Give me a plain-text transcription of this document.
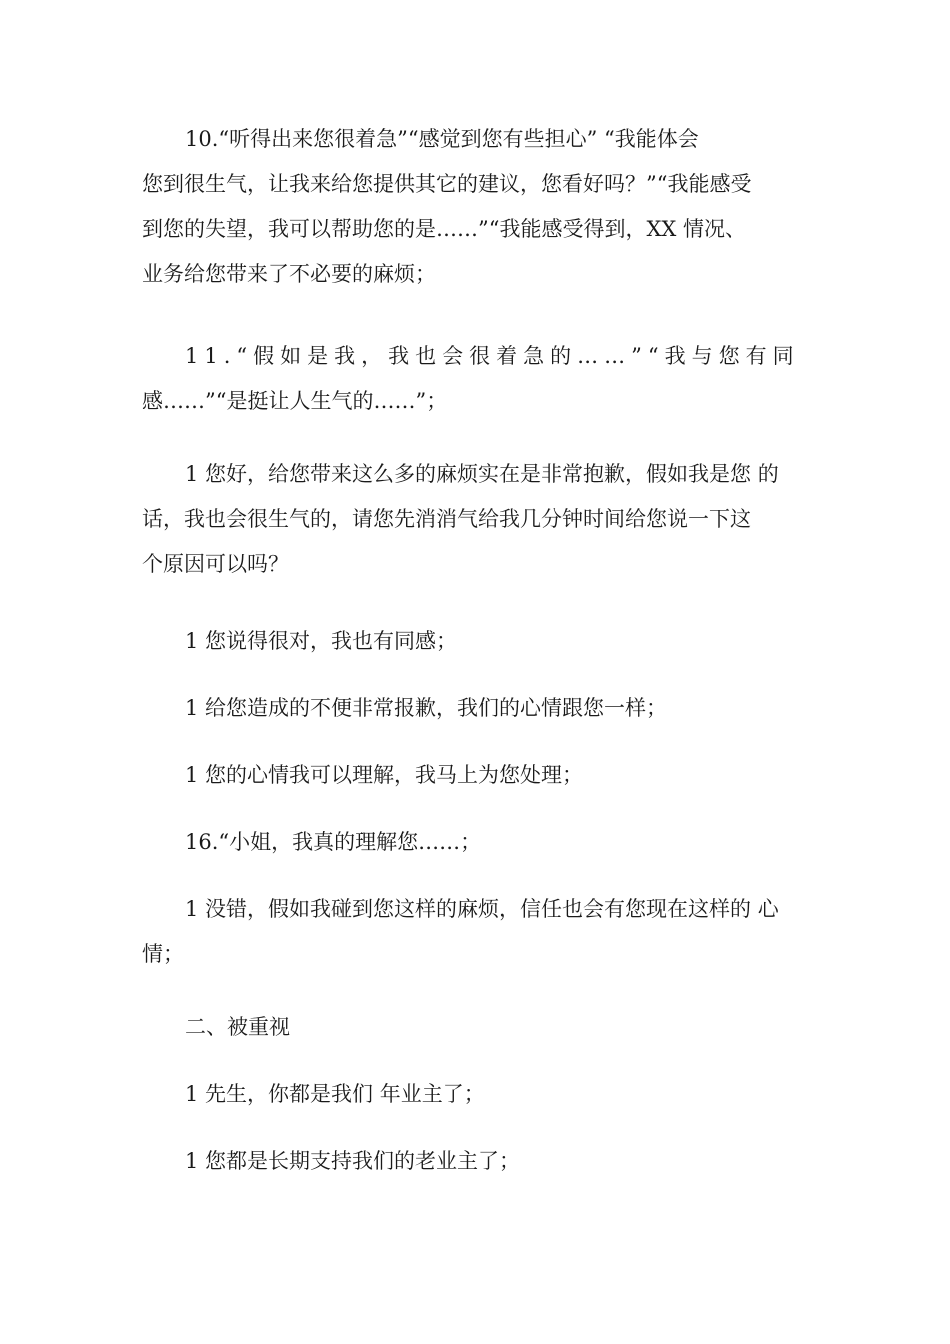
10.“听得出来您很着急”“感觉到您有些担心” “我能体会
您到很生气，让我来给您提供其它的建议，您看好吗？”“我能感受
到您的失望，我可以帮助您的是……”“我能感受得到，XX 情况、
业务给您带来了不必要的麻烦；
11.“假如是我，我也会很着急的……”“我与您有同
感……”“是挺让人生气的……”；
1 您好，给您带来这么多的麻烦实在是非常抱歉，假如我是您 的
话，我也会很生气的，请您先消消气给我几分钟时间给您说一下这
个原因可以吗？
1 您说得很对，我也有同感；
1 给您造成的不便非常报歉，我们的心情跟您一样；
1 您的心情我可以理解，我马上为您处理；
16.“小姐，我真的理解您……；
1 没错，假如我碰到您这样的麻烦，信任也会有您现在这样的 心
情；
二、被重视
1 先生，你都是我们 年业主了；
1 您都是长期支持我们的老业主了；
